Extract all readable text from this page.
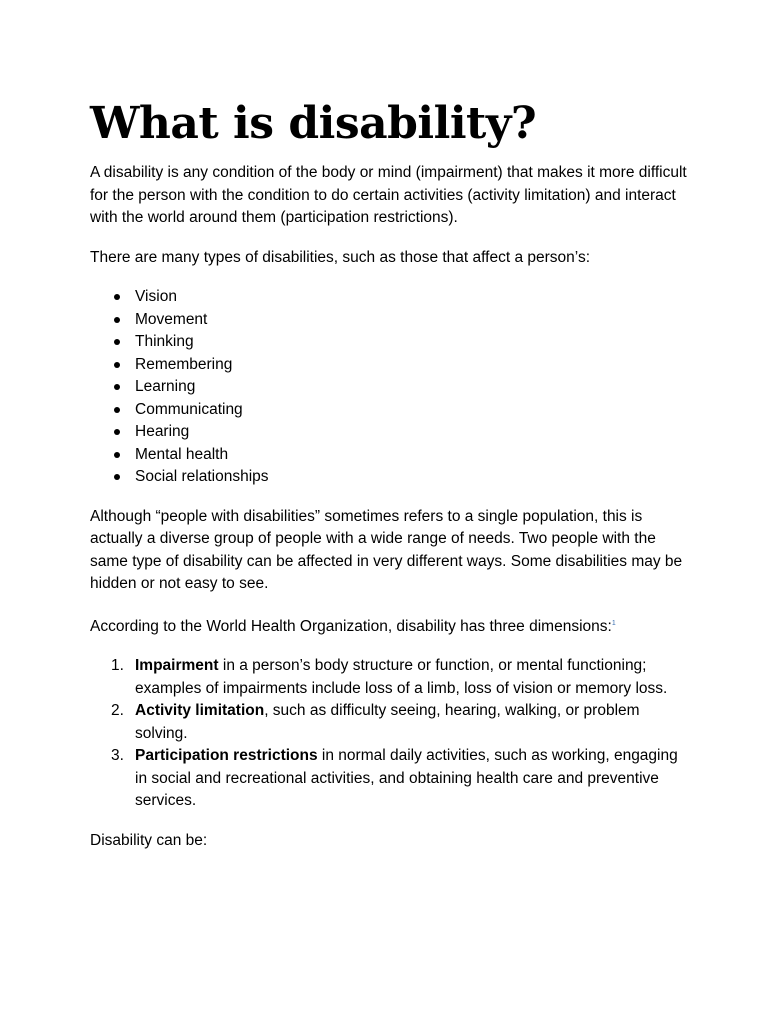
What is disability?

A disability is any condition of the body or mind (impairment) that makes it more difficult for the person with the condition to do certain activities (activity limitation) and interact with the world around them (participation restrictions).

There are many types of disabilities, such as those that affect a person’s:

Vision
Movement
Thinking
Remembering
Learning
Communicating
Hearing
Mental health
Social relationships

Although “people with disabilities” sometimes refers to a single population, this is actually a diverse group of people with a wide range of needs. Two people with the same type of disability can be affected in very different ways. Some disabilities may be hidden or not easy to see.

According to the World Health Organization, disability has three dimensions:$^1$

1. Impairment in a person’s body structure or function, or mental functioning; examples of impairments include loss of a limb, loss of vision or memory loss.
2. Activity limitation, such as difficulty seeing, hearing, walking, or problem solving.
3. Participation restrictions in normal daily activities, such as working, engaging in social and recreational activities, and obtaining health care and preventive services.

Disability can be:
